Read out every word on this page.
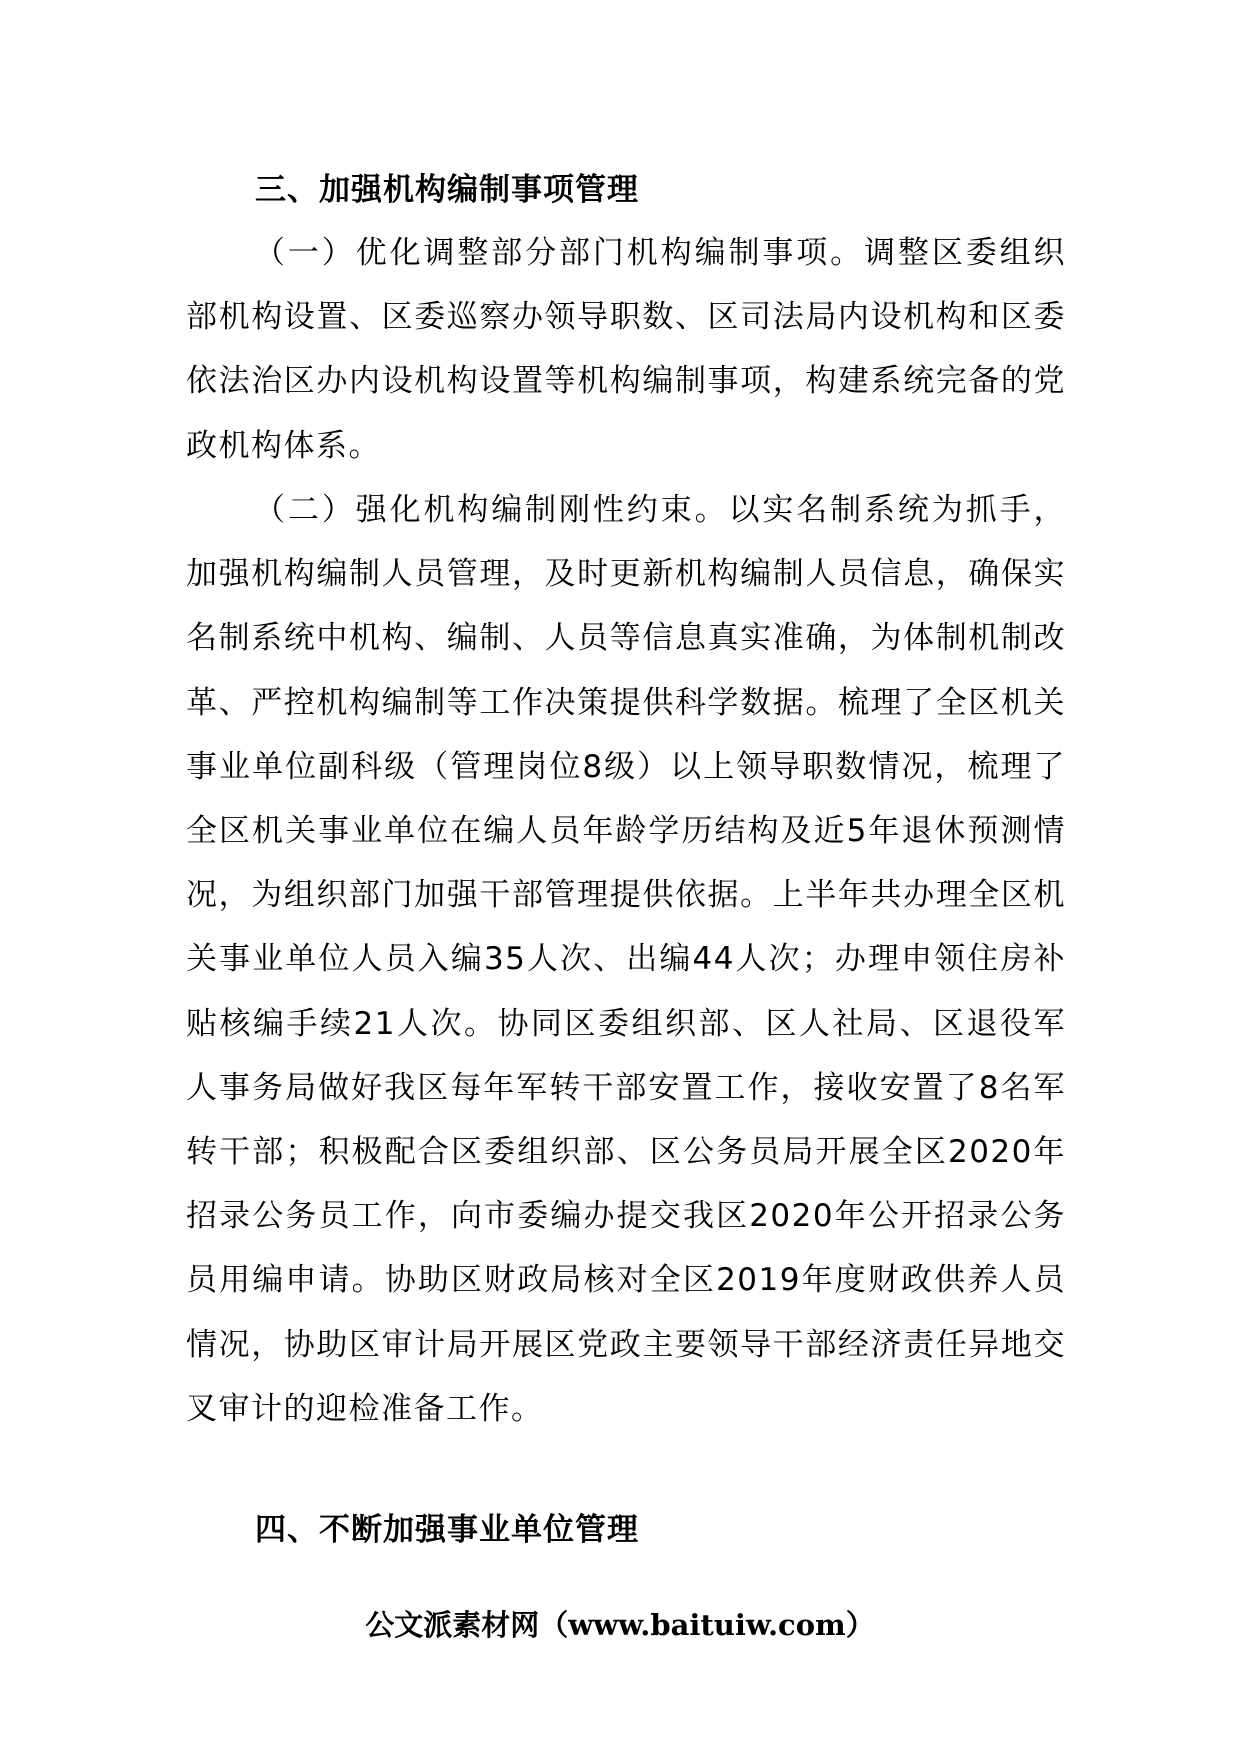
三、加强机构编制事项管理
（一）优化调整部分部门机构编制事项。调整区委组织部机构设置、区委巡察办领导职数、区司法局内设机构和区委依法治区办内设机构设置等机构编制事项，构建系统完备的党政机构体系。
（二）强化机构编制刚性约束。以实名制系统为抓手，加强机构编制人员管理，及时更新机构编制人员信息，确保实名制系统中机构、编制、人员等信息真实准确，为体制机制改革、严控机构编制等工作决策提供科学数据。梳理了全区机关事业单位副科级（管理岗位8级）以上领导职数情况，梳理了全区机关事业单位在编人员年龄学历结构及近5年退休预测情况，为组织部门加强干部管理提供依据。上半年共办理全区机关事业单位人员入编35人次、出编44人次；办理申领住房补贴核编手续21人次。协同区委组织部、区人社局、区退役军人事务局做好我区每年军转干部安置工作，接收安置了8名军转干部；积极配合区委组织部、区公务员局开展全区2020年招录公务员工作，向市委编办提交我区2020年公开招录公务员用编申请。协助区财政局核对全区2019年度财政供养人员情况，协助区审计局开展区党政主要领导干部经济责任异地交叉审计的迎检准备工作。
四、不断加强事业单位管理
公文派素材网（www.baituiw.com）
